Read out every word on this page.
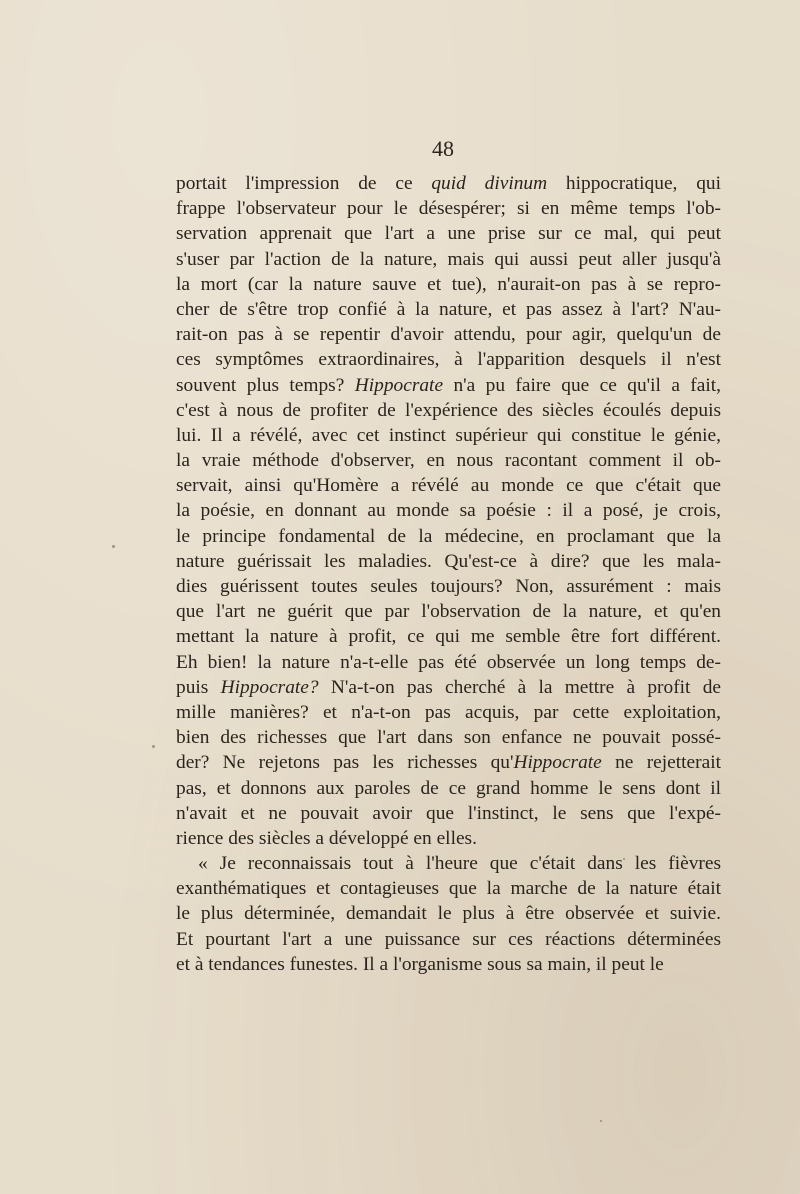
48
portait l'impression de ce quid divinum hippocratique, qui
frappe l'observateur pour le désespérer; si en même temps l'ob-
servation apprenait que l'art a une prise sur ce mal, qui peut
s'user par l'action de la nature, mais qui aussi peut aller jusqu'à
la mort (car la nature sauve et tue), n'aurait-on pas à se repro-
cher de s'être trop confié à la nature, et pas assez à l'art? N'au-
rait-on pas à se repentir d'avoir attendu, pour agir, quelqu'un de
ces symptômes extraordinaires, à l'apparition desquels il n'est
souvent plus temps? Hippocrate n'a pu faire que ce qu'il a fait,
c'est à nous de profiter de l'expérience des siècles écoulés depuis
lui. Il a révélé, avec cet instinct supérieur qui constitue le génie,
la vraie méthode d'observer, en nous racontant comment il ob-
servait, ainsi qu'Homère a révélé au monde ce que c'était que
la poésie, en donnant au monde sa poésie : il a posé, je crois,
le principe fondamental de la médecine, en proclamant que la
nature guérissait les maladies. Qu'est-ce à dire? que les mala-
dies guérissent toutes seules toujours? Non, assurément : mais
que l'art ne guérit que par l'observation de la nature, et qu'en
mettant la nature à profit, ce qui me semble être fort différent.
Eh bien! la nature n'a-t-elle pas été observée un long temps de-
puis Hippocrate? N'a-t-on pas cherché à la mettre à profit de
mille manières? et n'a-t-on pas acquis, par cette exploitation,
bien des richesses que l'art dans son enfance ne pouvait possé-
der? Ne rejetons pas les richesses qu'Hippocrate ne rejetterait
pas, et donnons aux paroles de ce grand homme le sens dont il
n'avait et ne pouvait avoir que l'instinct, le sens que l'expé-
rience des siècles a développé en elles.
« Je reconnaissais tout à l'heure que c'était dans les fièvres
exanthématiques et contagieuses que la marche de la nature était
le plus déterminée, demandait le plus à être observée et suivie.
Et pourtant l'art a une puissance sur ces réactions déterminées
et à tendances funestes. Il a l'organisme sous sa main, il peut le
